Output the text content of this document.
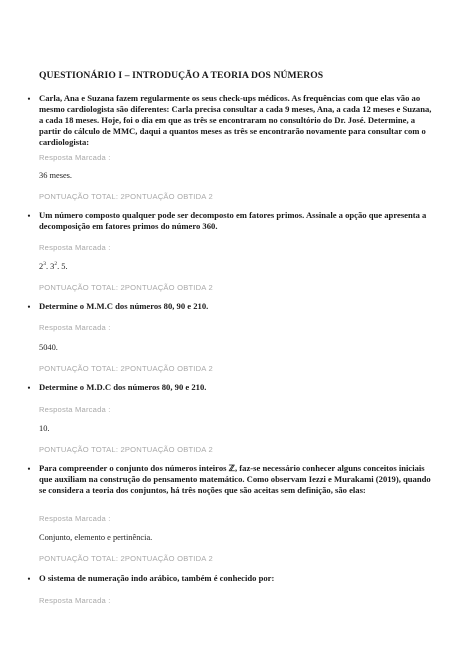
QUESTIONÁRIO I – INTRODUÇÃO A TEORIA DOS NÚMEROS
• Carla, Ana e Suzana fazem regularmente os seus check-ups médicos. As frequências com que elas vão ao mesmo cardiologista são diferentes: Carla precisa consultar a cada 9 meses, Ana, a cada 12 meses e Suzana, a cada 18 meses. Hoje, foi o dia em que as três se encontraram no consultório do Dr. José. Determine, a partir do cálculo de MMC, daqui a quantos meses as três se encontrarão novamente para consultar com o cardiologista:
Resposta Marcada :
36 meses.
PONTUAÇÃO TOTAL: 2PONTUAÇÃO OBTIDA 2
• Um número composto qualquer pode ser decomposto em fatores primos. Assinale a opção que apresenta a decomposição em fatores primos do número 360.
Resposta Marcada :
$2^3$. $3^2$. 5.
PONTUAÇÃO TOTAL: 2PONTUAÇÃO OBTIDA 2
• Determine o M.M.C dos números 80, 90 e 210.
Resposta Marcada :
5040.
PONTUAÇÃO TOTAL: 2PONTUAÇÃO OBTIDA 2
• Determine o M.D.C dos números 80, 90 e 210.
Resposta Marcada :
10.
PONTUAÇÃO TOTAL: 2PONTUAÇÃO OBTIDA 2
• Para compreender o conjunto dos números inteiros ℤ, faz-se necessário conhecer alguns conceitos iniciais que auxiliam na construção do pensamento matemático. Como observam Iezzi e Murakami (2019), quando se considera a teoria dos conjuntos, há três noções que são aceitas sem definição, são elas:
Resposta Marcada :
Conjunto, elemento e pertinência.
PONTUAÇÃO TOTAL: 2PONTUAÇÃO OBTIDA 2
• O sistema de numeração indo arábico, também é conhecido por:
Resposta Marcada :
